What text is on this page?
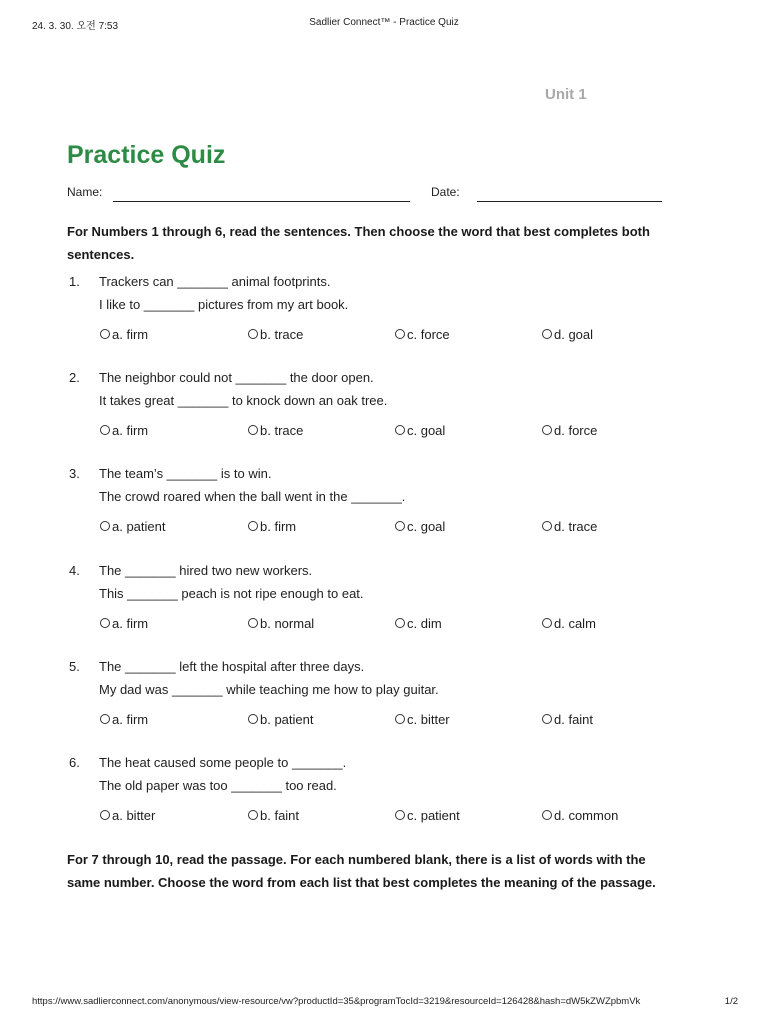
24. 3. 30. 오전 7:53	Sadlier Connect™ - Practice Quiz
Unit 1
Practice Quiz
Name:	Date:
For Numbers 1 through 6, read the sentences. Then choose the word that best completes both sentences.
1. Trackers can _______ animal footprints.
I like to _______ pictures from my art book.
a. firm	b. trace	c. force	d. goal
2. The neighbor could not _______ the door open.
It takes great _______ to knock down an oak tree.
a. firm	b. trace	c. goal	d. force
3. The team’s _______ is to win.
The crowd roared when the ball went in the _______.
a. patient	b. firm	c. goal	d. trace
4. The _______ hired two new workers.
This _______ peach is not ripe enough to eat.
a. firm	b. normal	c. dim	d. calm
5. The _______ left the hospital after three days.
My dad was _______ while teaching me how to play guitar.
a. firm	b. patient	c. bitter	d. faint
6. The heat caused some people to _______.
The old paper was too _______ too read.
a. bitter	b. faint	c. patient	d. common
For 7 through 10, read the passage. For each numbered blank, there is a list of words with the same number. Choose the word from each list that best completes the meaning of the passage.
https://www.sadlierconnect.com/anonymous/view-resource/vw?productId=35&programTocId=3219&resourceId=126428&hash=dW5kZWZpbmVk	1/2
